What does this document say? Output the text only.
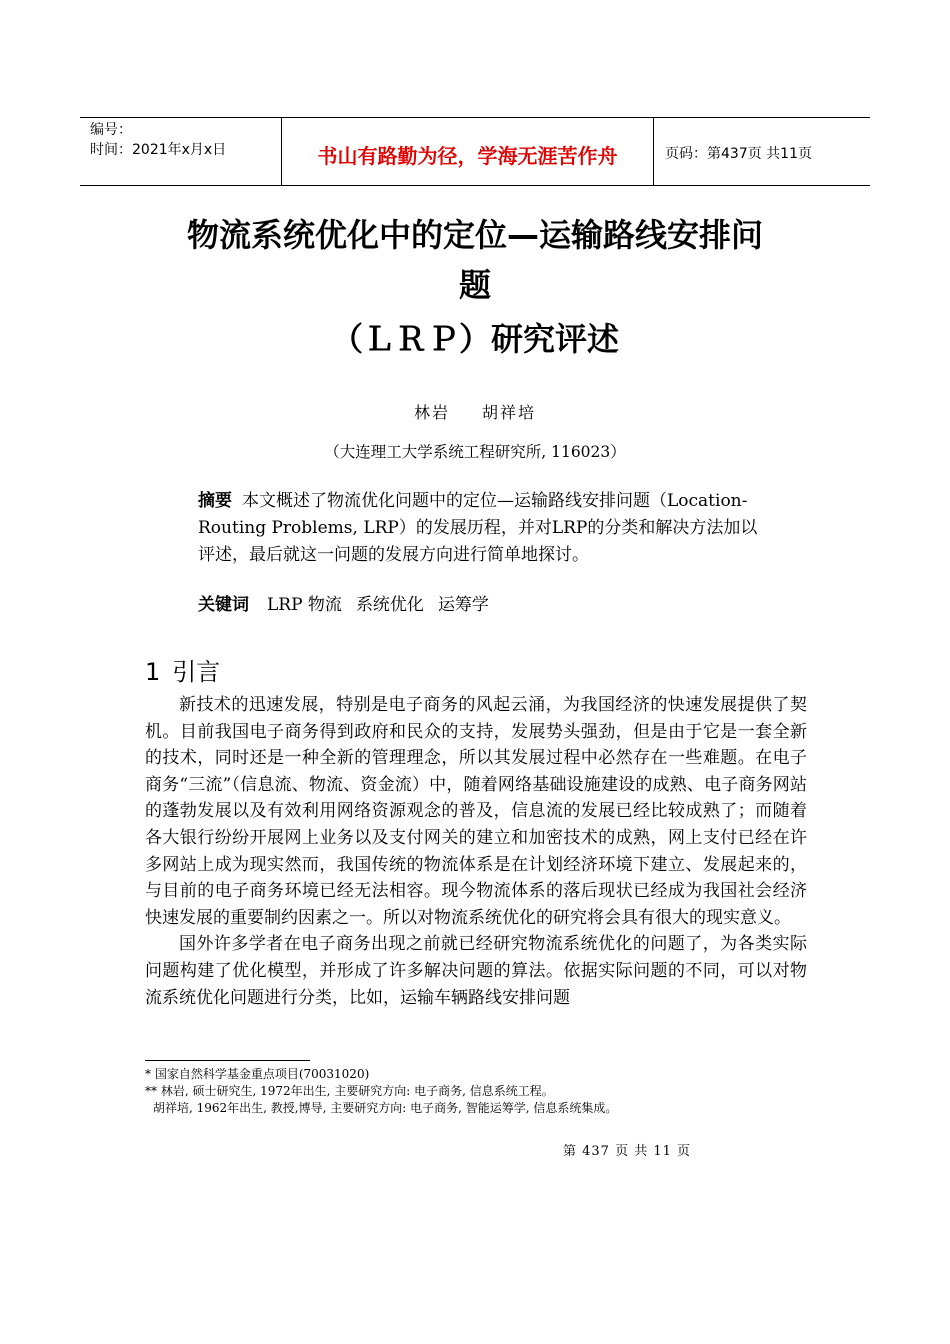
编号：
时间：2021年x月x日	书山有路勤为径，学海无涯苦作舟	页码：第437页 共11页
物流系统优化中的定位—运输路线安排问
题
（ＬＲＰ）研究评述
林岩 胡祥培
（大连理工大学系统工程研究所, 116023）
摘要 本文概述了物流优化问题中的定位—运输路线安排问题（Location-Routing Problems, LRP）的发展历程，并对LRP的分类和解决方法加以评述，最后就这一问题的发展方向进行简单地探讨。
关键词 LRP 物流 系统优化 运筹学
1 引言

新技术的迅速发展，特别是电子商务的风起云涌，为我国经济的快速发展提供了契机。目前我国电子商务得到政府和民众的支持，发展势头强劲，但是由于它是一套全新的技术，同时还是一种全新的管理理念，所以其发展过程中必然存在一些难题。在电子商务“三流”（信息流、物流、资金流）中，随着网络基础设施建设的成熟、电子商务网站的蓬勃发展以及有效利用网络资源观念的普及，信息流的发展已经比较成熟了；而随着各大银行纷纷开展网上业务以及支付网关的建立和加密技术的成熟，网上支付已经在许多网站上成为现实然而，我国传统的物流体系是在计划经济环境下建立、发展起来的，与目前的电子商务环境已经无法相容。现今物流体系的落后现状已经成为我国社会经济快速发展的重要制约因素之一。所以对物流系统优化的研究将会具有很大的现实意义。

国外许多学者在电子商务出现之前就已经研究物流系统优化的问题了，为各类实际问题构建了优化模型，并形成了许多解决问题的算法。依据实际问题的不同，可以对物流系统优化问题进行分类，比如，运输车辆路线安排问题

* 国家自然科学基金重点项目(70031020)
** 林岩, 硕士研究生, 1972年出生, 主要研究方向: 电子商务, 信息系统工程。
胡祥培, 1962年出生, 教授,博导, 主要研究方向: 电子商务, 智能运筹学, 信息系统集成。
第 437 页 共 11 页
